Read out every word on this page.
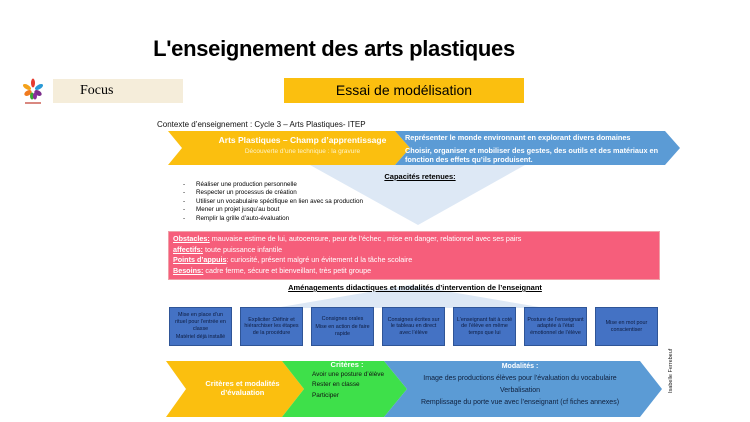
L'enseignement des arts plastiques
Focus	Essai de modélisation
Contexte d’enseignement : Cycle 3 – Arts Plastiques- ITEP
Arts Plastiques – Champ d’apprentissage
Découverte d’une technique : la gravure
Représenter le monde environnant en explorant divers domaines
Choisir, organiser et mobiliser des gestes, des outils et des matériaux en fonction des effets qu’ils produisent.
Capacités retenues:
- Réaliser une production personnelle
- Respecter un processus de création
- Utiliser un vocabulaire spécifique en lien avec sa production
- Mener un projet jusqu’au bout
- Remplir la grille d’auto-évaluation
Obstacles: mauvaise estime de lui, autocensure, peur de l’échec , mise en danger, relationnel avec ses pairs
affectifs: toute puissance infantile
Points d’appuis: curiosité, présent malgré un évitement d la tâche scolaire
Besoins: cadre ferme, sécure et bienveillant, très petit groupe
Aménagements didactiques et modalités d’intervention de l’enseignant
Mise en place d’un rituel pour l’entrée en classe
Matériel déjà installé
Expliciter :Définir et hiérarchiser les étapes de la procédure
Consignes orales
Mise en action de faire rapide
Consignes écrites sur le tableau en direct avec l’élève
L’enseignant fait à coté de l’élève en même temps que lui
Posture de l’enseignant adaptée à l’état émotionnel de l’élève
Mise en mot pour conscientiser
Critères et modalités d’évaluation
Critères :
Avoir une posture d’élève
Rester en classe
Participer
Modalités :
Image des productions élèves pour l’évaluation du vocabulaire
Verbalisation
Remplissage du porte vue avec l’enseignant (cf fiches annexes)
Isabelle Ferrebeuf
